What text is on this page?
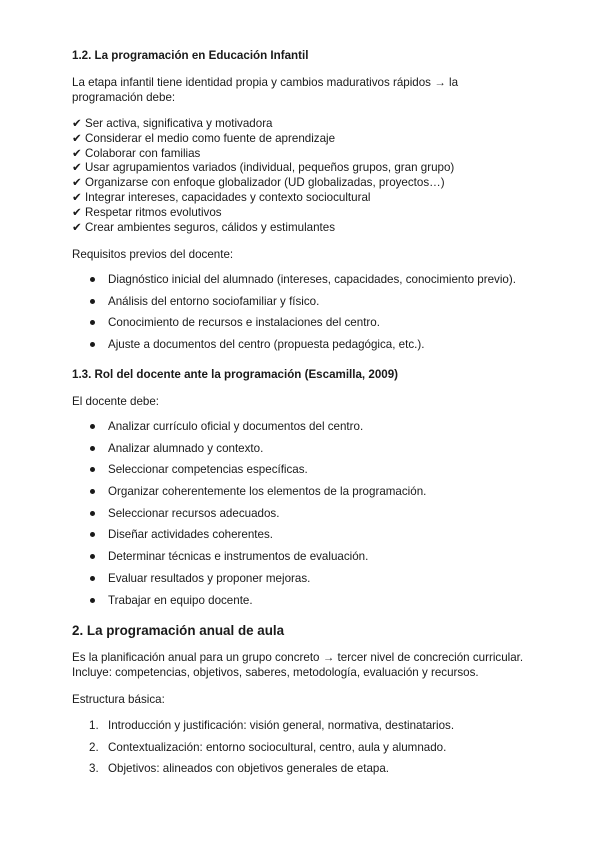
1.2. La programación en Educación Infantil

La etapa infantil tiene identidad propia y cambios madurativos rápidos → la programación debe:

✔ Ser activa, significativa y motivadora
✔ Considerar el medio como fuente de aprendizaje
✔ Colaborar con familias
✔ Usar agrupamientos variados (individual, pequeños grupos, gran grupo)
✔ Organizarse con enfoque globalizador (UD globalizadas, proyectos…)
✔ Integrar intereses, capacidades y contexto sociocultural
✔ Respetar ritmos evolutivos
✔ Crear ambientes seguros, cálidos y estimulantes

Requisitos previos del docente:

Diagnóstico inicial del alumnado (intereses, capacidades, conocimiento previo).
Análisis del entorno sociofamiliar y físico.
Conocimiento de recursos e instalaciones del centro.
Ajuste a documentos del centro (propuesta pedagógica, etc.).
1.3. Rol del docente ante la programación (Escamilla, 2009)

El docente debe:

Analizar currículo oficial y documentos del centro.
Analizar alumnado y contexto.
Seleccionar competencias específicas.
Organizar coherentemente los elementos de la programación.
Seleccionar recursos adecuados.
Diseñar actividades coherentes.
Determinar técnicas e instrumentos de evaluación.
Evaluar resultados y proponer mejoras.
Trabajar en equipo docente.
2. La programación anual de aula

Es la planificación anual para un grupo concreto → tercer nivel de concreción curricular.

Incluye: competencias, objetivos, saberes, metodología, evaluación y recursos.

Estructura básica:

1. Introducción y justificación: visión general, normativa, destinatarios.
2. Contextualización: entorno sociocultural, centro, aula y alumnado.
3. Objetivos: alineados con objetivos generales de etapa.
